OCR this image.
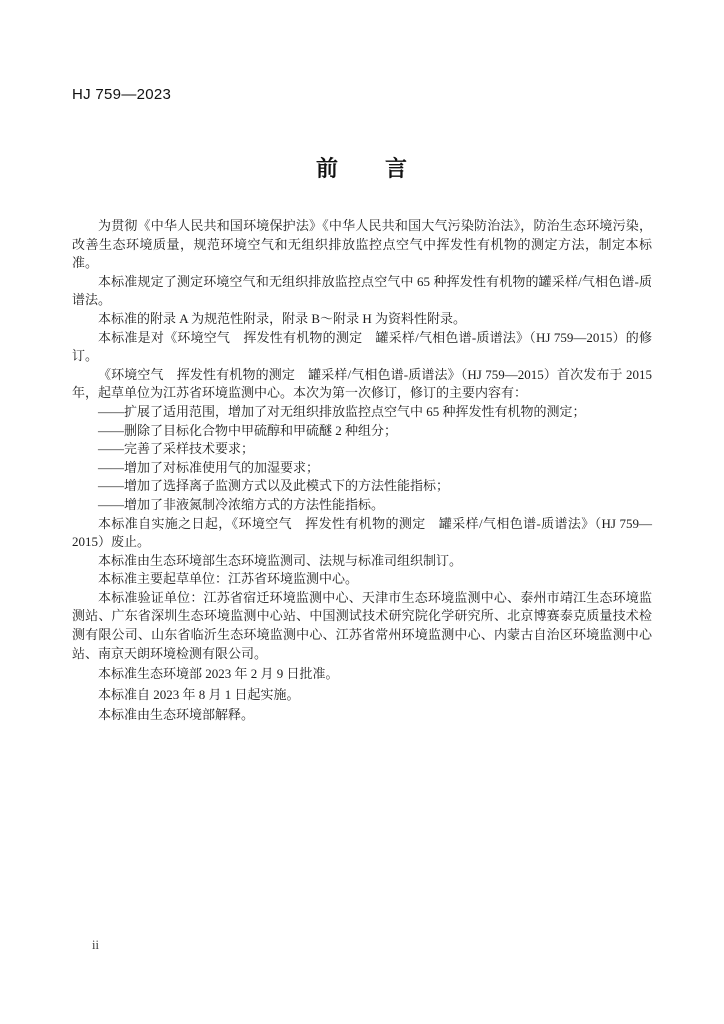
HJ 759—2023
前　　言

为贯彻《中华人民共和国环境保护法》《中华人民共和国大气污染防治法》，防治生态环境污染，改善生态环境质量，规范环境空气和无组织排放监控点空气中挥发性有机物的测定方法，制定本标准。

本标准规定了测定环境空气和无组织排放监控点空气中 65 种挥发性有机物的罐采样/气相色谱-质谱法。

本标准的附录 A 为规范性附录，附录 B～附录 H 为资料性附录。

本标准是对《环境空气　挥发性有机物的测定　罐采样/气相色谱-质谱法》（HJ 759—2015）的修订。

《环境空气　挥发性有机物的测定　罐采样/气相色谱-质谱法》（HJ 759—2015）首次发布于 2015 年，起草单位为江苏省环境监测中心。本次为第一次修订，修订的主要内容有：

——扩展了适用范围，增加了对无组织排放监控点空气中 65 种挥发性有机物的测定；

——删除了目标化合物中甲硫醇和甲硫醚 2 种组分；

——完善了采样技术要求；

——增加了对标准使用气的加湿要求；

——增加了选择离子监测方式以及此模式下的方法性能指标；

——增加了非液氮制冷浓缩方式的方法性能指标。

本标准自实施之日起，《环境空气　挥发性有机物的测定　罐采样/气相色谱-质谱法》（HJ 759—2015）废止。

本标准由生态环境部生态环境监测司、法规与标准司组织制订。

本标准主要起草单位：江苏省环境监测中心。

本标准验证单位：江苏省宿迁环境监测中心、天津市生态环境监测中心、泰州市靖江生态环境监测站、广东省深圳生态环境监测中心站、中国测试技术研究院化学研究所、北京博赛泰克质量技术检测有限公司、山东省临沂生态环境监测中心、江苏省常州环境监测中心、内蒙古自治区环境监测中心站、南京天朗环境检测有限公司。

本标准生态环境部 2023 年 2 月 9 日批准。

本标准自 2023 年 8 月 1 日起实施。

本标准由生态环境部解释。

ii
